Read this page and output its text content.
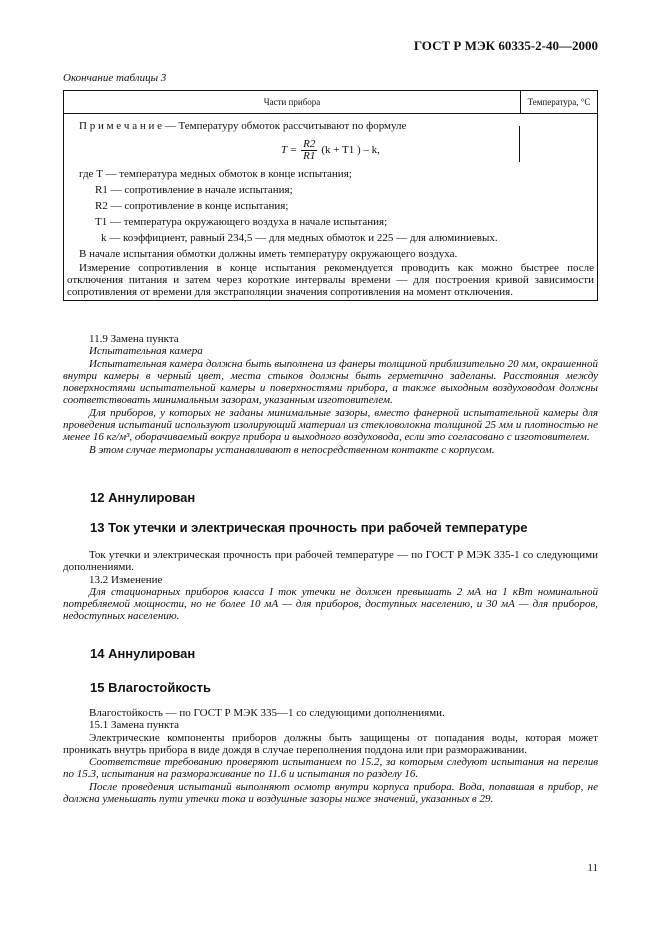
ГОСТ Р МЭК 60335-2-40—2000
Окончание таблицы 3
Части прибора	Температура, °С

П р и м е ч а н и е — Температуру обмоток рассчитывают по формуле

$T = \frac{R2}{R1} (k + T1$ ) – k,

где T — температура медных обмоток в конце испытания;

R1 — сопротивление в начале испытания;

R2 — сопротивление в конце испытания;

T1 — температура окружающего воздуха в начале испытания;

k — коэффициент, равный 234,5 — для медных обмоток и 225 — для алюминиевых.

В начале испытания обмотки должны иметь температуру окружающего воздуха.

Измерение сопротивления в конце испытания рекомендуется проводить как можно быстрее после отключения питания и затем через короткие интервалы времени — для построения кривой зависимости сопротивления от времени для экстраполяции значения сопротивления на момент отключения.

11.9 Замена пункта

Испытательная камера

Испытательная камера должна быть выполнена из фанеры толщиной приблизительно 20 мм, окрашенной внутри камеры в черный цвет, места стыков должны быть герметично заделаны. Расстояния между поверхностями испытательной камеры и поверхностями прибора, а также выходным воздуховодом должны соответствовать минимальным зазорам, указанным изготовителем.

Для приборов, у которых не заданы минимальные зазоры, вместо фанерной испытательной камеры для проведения испытаний используют изолирующий материал из стекловолокна толщиной 25 мм и плотностью не менее 16 кг/м³, оборачиваемый вокруг прибора и выходного воздуховода, если это согласовано с изготовителем.

В этом случае термопары устанавливают в непосредственном контакте с корпусом.

12 Аннулирован
13 Ток утечки и электрическая прочность при рабочей температуре

Ток утечки и электрическая прочность при рабочей температуре — по ГОСТ Р МЭК 335-1 со следующими дополнениями.

13.2 Изменение

Для стационарных приборов класса I ток утечки не должен превышать 2 мА на 1 кВт номинальной потребляемой мощности, но не более 10 мА — для приборов, доступных населению, и 30 мА — для приборов, недоступных населению.

14 Аннулирован
15 Влагостойкость

Влагостойкость — по ГОСТ Р МЭК 335—1 со следующими дополнениями.

15.1 Замена пункта

Электрические компоненты приборов должны быть защищены от попадания воды, которая может проникать внутрь прибора в виде дождя в случае переполнения поддона или при размораживании.

Соответствие требованию проверяют испытанием по 15.2, за которым следуют испытания на перелив по 15.3, испытания на размораживание по 11.6 и испытания по разделу 16.

После проведения испытаний выполняют осмотр внутри корпуса прибора. Вода, попавшая в прибор, не должна уменьшать пути утечки тока и воздушные зазоры ниже значений, указанных в 29.

11
